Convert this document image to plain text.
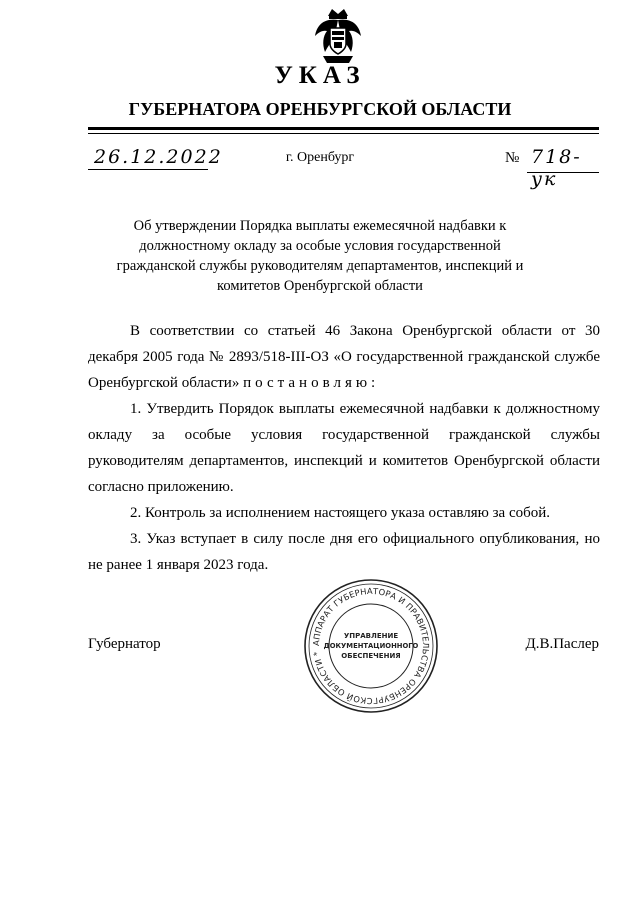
УКАЗ
ГУБЕРНАТОРА ОРЕНБУРГСКОЙ ОБЛАСТИ
26.12.2022	г. Оренбург	№ 718-ук
Об утверждении Порядка выплаты ежемесячной надбавки к должностному окладу за особые условия государственной гражданской службы руководителям департаментов, инспекций и комитетов Оренбургской области

В соответствии со статьей 46 Закона Оренбургской области от 30 декабря 2005 года № 2893/518-III-ОЗ «О государственной гражданской службе Оренбургской области» постановляю:

1. Утвердить Порядок выплаты ежемесячной надбавки к должностному окладу за особые условия государственной гражданской службы руководителям департаментов, инспекций и комитетов Оренбургской области согласно приложению.

2. Контроль за исполнением настоящего указа оставляю за собой.

3. Указ вступает в силу после дня его официального опубликования, но не ранее 1 января 2023 года.

Губернатор	Д.В.Паслер
АППАРАТ ГУБЕРНАТОРА И ПРАВИТЕЛЬСТВА ОРЕНБУРГСКОЙ ОБЛАСТИ *
УПРАВЛЕНИЕ
ДОКУМЕНТАЦИОННОГО
ОБЕСПЕЧЕНИЯ
